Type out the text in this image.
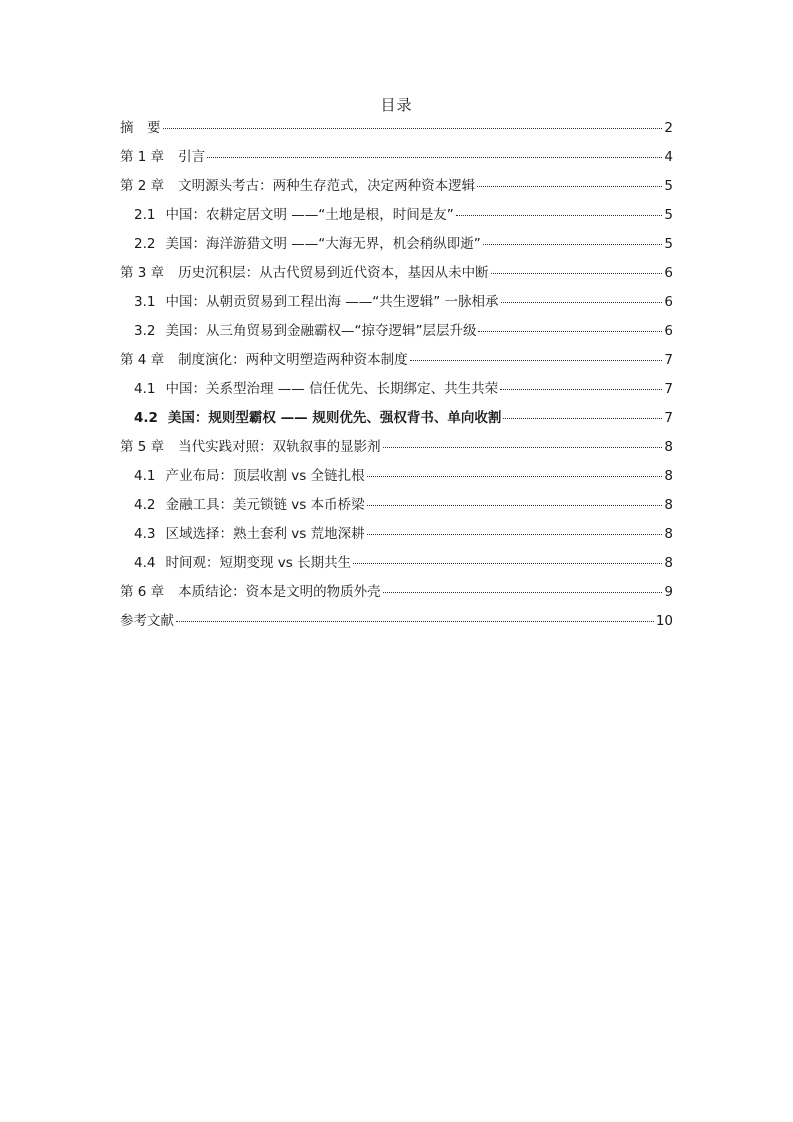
目录
摘　要	2
第 1 章 引言	4
第 2 章 文明源头考古：两种生存范式，决定两种资本逻辑	5
2.1 中国：农耕定居文明 ——“土地是根，时间是友”	5
2.2 美国：海洋游猎文明 ——“大海无界，机会稍纵即逝”	5
第 3 章 历史沉积层：从古代贸易到近代资本，基因从未中断	6
3.1 中国：从朝贡贸易到工程出海 ——“共生逻辑” 一脉相承	6
3.2 美国：从三角贸易到金融霸权—“掠夺逻辑”层层升级	6
第 4 章 制度演化：两种文明塑造两种资本制度	7
4.1 中国：关系型治理 —— 信任优先、长期绑定、共生共荣	7
4.2 美国：规则型霸权 —— 规则优先、强权背书、单向收割	7
第 5 章 当代实践对照：双轨叙事的显影剂	8
4.1 产业布局：顶层收割 vs 全链扎根	8
4.2 金融工具：美元锁链 vs 本币桥梁	8
4.3 区域选择：熟土套利 vs 荒地深耕	8
4.4 时间观：短期变现 vs 长期共生	8
第 6 章 本质结论：资本是文明的物质外壳	9
参考文献	10
